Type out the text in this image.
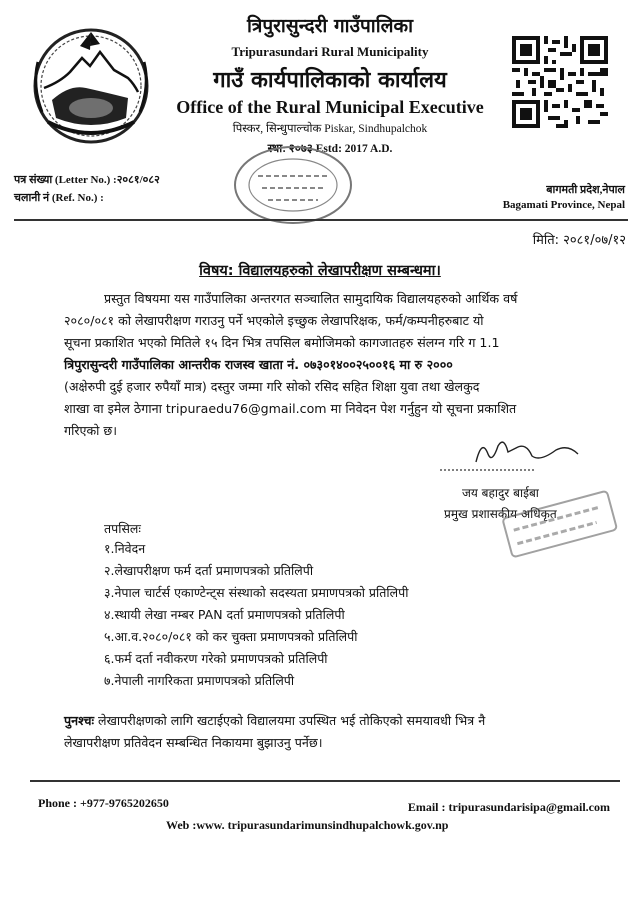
त्रिपुरासुन्दरी गाउँपालिका
Tripurasundari Rural Municipality
गाउँ कार्यपालिकाको कार्यालय
Office of the Rural Municipal Executive
पिस्कर, सिन्धुपाल्चोक Piskar, Sindhupalchok
स्था: २०७३ Estd: 2017 A.D.
पत्र संख्या (Letter No.) :२०८१/०८२
चलानी नं (Ref. No.) :
बागमती प्रदेश,नेपाल
Bagamati Province, Nepal
मिति: २०८१/०७/१२
विषय: विद्यालयहरुको लेखापरीक्षण सम्बन्धमा।
प्रस्तुत विषयमा यस गाउँपालिका अन्तरगत सञ्चालित सामुदायिक विद्यालयहरुको आर्थिक वर्ष
२०८०/०८१ को लेखापरीक्षण गराउनु पर्ने भएकोले इच्छुक लेखापरिक्षक, फर्म/कम्पनीहरुबाट यो
सूचना प्रकाशित भएको मितिले १५ दिन भित्र तपसिल बमोजिमको कागजातहरु संलग्न गरि ग 1.1
त्रिपुरासुन्दरी गाउँपालिका आन्तरीक राजस्व खाता नं. ०७३०१४००२५००१६ मा रु २०००
(अक्षेरुपी दुई हजार रुपैयाँ मात्र) दस्तुर जम्मा गरि सोको रसिद सहित शिक्षा युवा तथा खेलकुद
शाखा वा इमेल ठेगाना tripuraedu76@gmail.com मा निवेदन पेश गर्नुहुन यो सूचना प्रकाशित
गरिएको छ।
जय बहादुर बाईबा
प्रमुख प्रशासकीय अधिकृत
तपसिलः
१.निवेदन
२.लेखापरीक्षण फर्म दर्ता प्रमाणपत्रको प्रतिलिपी
३.नेपाल चार्टर्स एकाण्टेन्ट्स संस्थाको सदस्यता प्रमाणपत्रको प्रतिलिपी
४.स्थायी लेखा नम्बर PAN दर्ता प्रमाणपत्रको प्रतिलिपी
५.आ.व.२०८०/०८१ को कर चुक्ता प्रमाणपत्रको प्रतिलिपी
६.फर्म दर्ता नवीकरण गरेको प्रमाणपत्रको प्रतिलिपी
७.नेपाली नागरिकता प्रमाणपत्रको प्रतिलिपी
पुनश्चः लेखापरीक्षणको लागि खटाईएको विद्यालयमा उपस्थित भई तोकिएको समयावधी भित्र नै
लेखापरीक्षण प्रतिवेदन सम्बन्धित निकायमा बुझाउनु पर्नेछ।
Phone : +977-9765202650	Email : tripurasundarisipa@gmail.com
Web :www. tripurasundarimunsindhupalchowk.gov.np
